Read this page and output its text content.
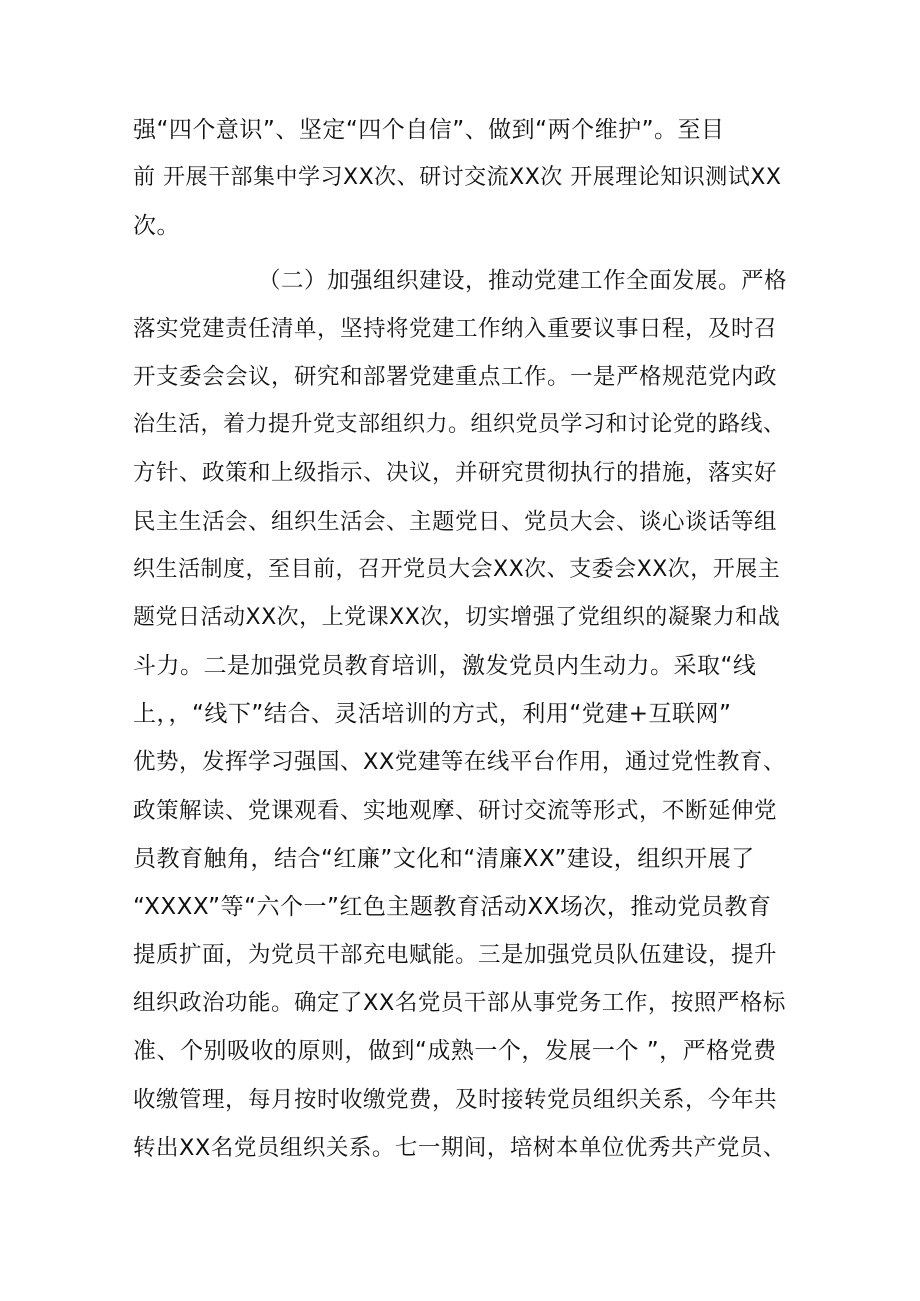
强“四个意识”、坚定“四个自信”、做到“两个维护”。至目
前 开展干部集中学习XX次、研讨交流XX次 开展理论知识测试XX
次。
（二）加强组织建设，推动党建工作全面发展。严格
落实党建责任清单，坚持将党建工作纳入重要议事日程，及时召
开支委会会议，研究和部署党建重点工作。一是严格规范党内政
治生活，着力提升党支部组织力。组织党员学习和讨论党的路线、
方针、政策和上级指示、决议，并研究贯彻执行的措施，落实好
民主生活会、组织生活会、主题党日、党员大会、谈心谈话等组
织生活制度，至目前，召开党员大会XX次、支委会XX次，开展主
题党日活动XX次，上党课XX次，切实增强了党组织的凝聚力和战
斗力。二是加强党员教育培训，激发党员内生动力。采取“线
上，，“线下”结合、灵活培训的方式，利用“党建+互联网”
优势，发挥学习强国、XX党建等在线平台作用，通过党性教育、
政策解读、党课观看、实地观摩、研讨交流等形式，不断延伸党
员教育触角，结合“红廉”文化和“清廉XX”建设，组织开展了
“XXXX”等“六个一”红色主题教育活动XX场次，推动党员教育
提质扩面，为党员干部充电赋能。三是加强党员队伍建设，提升
组织政治功能。确定了XX名党员干部从事党务工作，按照严格标
准、个别吸收的原则，做到“成熟一个，发展一个 ”，严格党费
收缴管理，每月按时收缴党费，及时接转党员组织关系，今年共
转出XX名党员组织关系。七一期间，培树本单位优秀共产党员、
